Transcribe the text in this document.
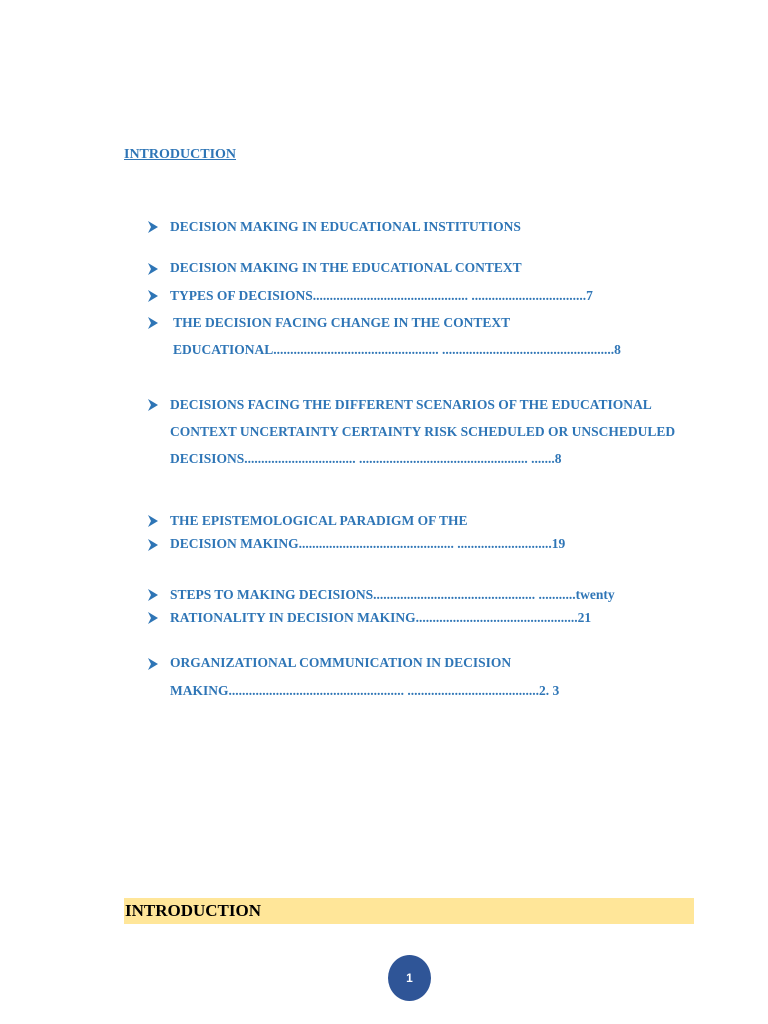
INTRODUCTION
DECISION MAKING IN EDUCATIONAL INSTITUTIONS
DECISION MAKING IN THE EDUCATIONAL CONTEXT
TYPES OF DECISIONS.............................................. ..................................7
THE DECISION FACING CHANGE IN THE CONTEXT
EDUCATIONAL................................................. ...................................................8
DECISIONS FACING THE DIFFERENT SCENARIOS OF THE EDUCATIONAL
CONTEXT UNCERTAINTY CERTAINTY RISK SCHEDULED OR UNSCHEDULED
DECISIONS................................. .................................................. .......8
THE EPISTEMOLOGICAL PARADIGM OF THE
DECISION MAKING.............................................. ............................19
STEPS TO MAKING DECISIONS................................................ ...........twenty
RATIONALITY IN DECISION MAKING................................................21
ORGANIZATIONAL COMMUNICATION IN DECISION
MAKING.................................................... .......................................2. 3
INTRODUCTION
1
